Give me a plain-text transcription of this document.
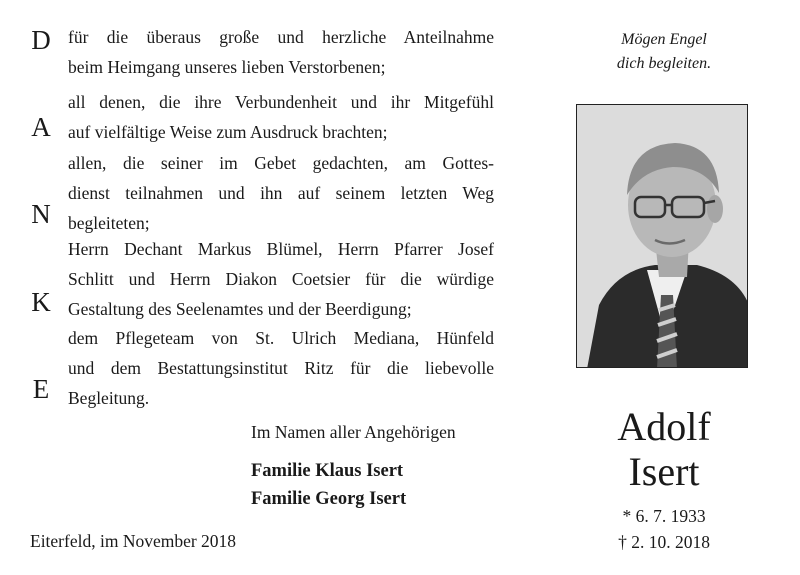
D
A
N
K
E
für die überaus große und herzliche Anteilnahme
beim Heimgang unseres lieben Verstorbenen;
all denen, die ihre Verbundenheit und ihr Mitgefühl
auf vielfältige Weise zum Ausdruck brachten;
allen, die seiner im Gebet gedachten, am Gottes-
dienst teilnahmen und ihn auf seinem letzten Weg
begleiteten;
Herrn Dechant Markus Blümel, Herrn Pfarrer Josef
Schlitt und Herrn Diakon Coetsier für die würdige
Gestaltung des Seelenamtes und der Beerdigung;
dem Pflegeteam von St. Ulrich Mediana, Hünfeld
und dem Bestattungsinstitut Ritz für die liebevolle
Begleitung.
Im Namen aller Angehörigen
Familie Klaus Isert
Familie Georg Isert
Eiterfeld, im November 2018
Mögen Engel
dich begleiten.
Adolf
Isert
* 6. 7. 1933
† 2. 10. 2018
